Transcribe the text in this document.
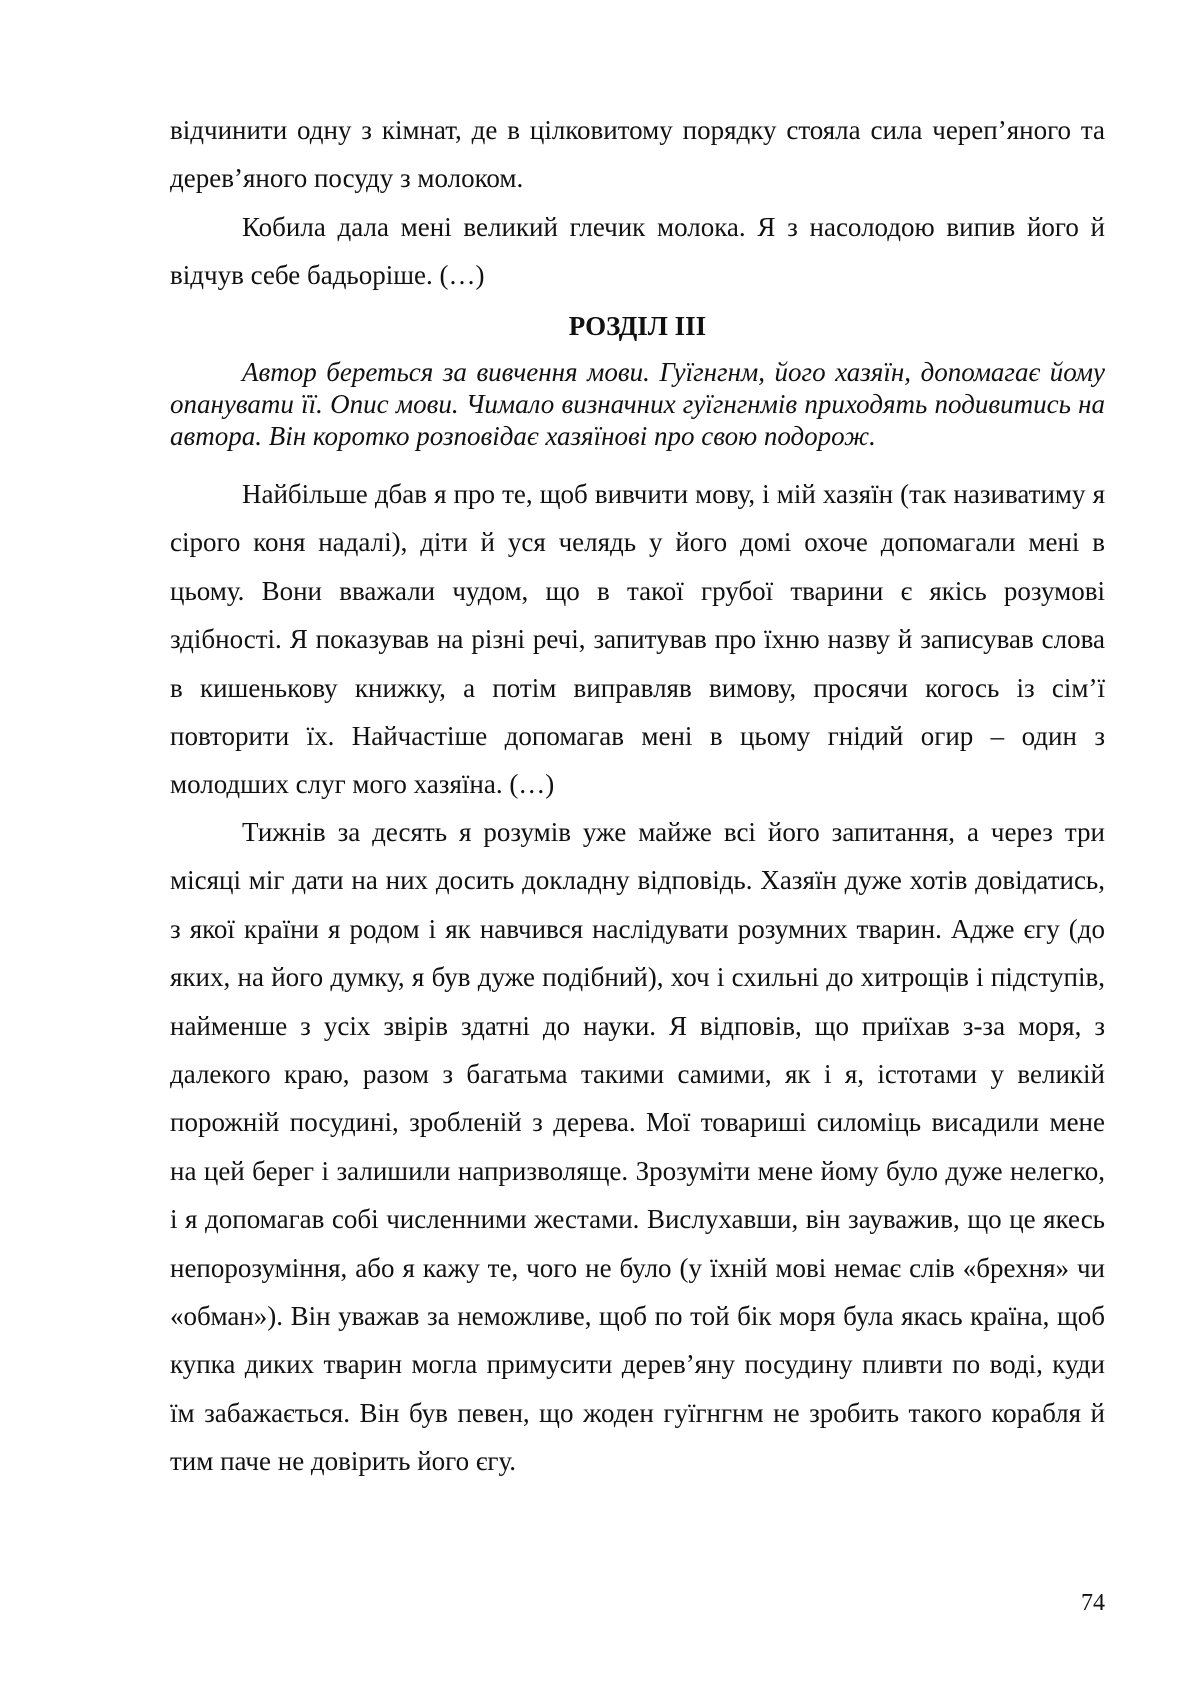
відчинити одну з кімнат, де в цілковитому порядку стояла сила череп’яного та дерев’яного посуду з молоком.

Кобила дала мені великий глечик молока. Я з насолодою випив його й відчув себе бадьоріше. (…)

РОЗДІЛ ІІІ

Автор береться за вивчення мови. Гуїгнгнм, його хазяїн, допомагає йому опанувати її. Опис мови. Чимало визначних гуїгнгнмів приходять подивитись на автора. Він коротко розповідає хазяїнові про свою подорож.

Найбільше дбав я про те, щоб вивчити мову, і мій хазяїн (так називатиму я сірого коня надалі), діти й уся челядь у його домі охоче допомагали мені в цьому. Вони вважали чудом, що в такої грубої тварини є якісь розумові здібності. Я показував на різні речі, запитував про їхню назву й записував слова в кишенькову книжку, а потім виправляв вимову, просячи когось із сім’ї повторити їх. Найчастіше допомагав мені в цьому гнідий огир – один з молодших слуг мого хазяїна. (…)

Тижнів за десять я розумів уже майже всі його запитання, а через три місяці міг дати на них досить докладну відповідь. Хазяїн дуже хотів довідатись, з якої країни я родом і як навчився наслідувати розумних тварин. Адже єгу (до яких, на його думку, я був дуже подібний), хоч і схильні до хитрощів і підступів, найменше з усіх звірів здатні до науки. Я відповів, що приїхав з-за моря, з далекого краю, разом з багатьма такими самими, як і я, істотами у великій порожній посудині, зробленій з дерева. Мої товариші силоміць висадили мене на цей берег і залишили напризволяще. Зрозуміти мене йому було дуже нелегко, і я допомагав собі численними жестами. Вислухавши, він зауважив, що це якесь непорозуміння, або я кажу те, чого не було (у їхній мові немає слів «брехня» чи «обман»). Він уважав за неможливе, щоб по той бік моря була якась країна, щоб купка диких тварин могла примусити дерев’яну посудину пливти по воді, куди їм забажається. Він був певен, що жоден гуїгнгнм не зробить такого корабля й тим паче не довірить його єгу.

74
